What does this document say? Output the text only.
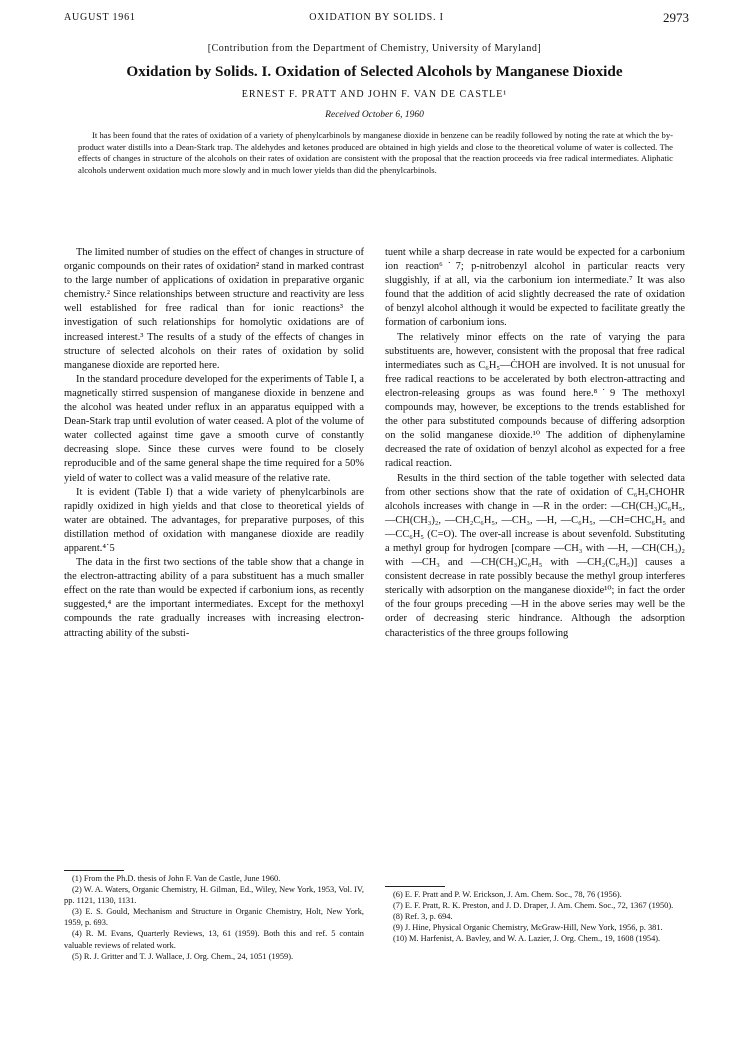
AUGUST 1961	OXIDATION BY SOLIDS. I	2973
[Contribution from the Department of Chemistry, University of Maryland]
Oxidation by Solids. I. Oxidation of Selected Alcohols by Manganese Dioxide
ERNEST F. PRATT AND JOHN F. VAN DE CASTLE¹
Received October 6, 1960

It has been found that the rates of oxidation of a variety of phenylcarbinols by manganese dioxide in benzene can be readily followed by noting the rate at which the by-product water distills into a Dean-Stark trap. The aldehydes and ketones produced are obtained in high yields and close to the theoretical volume of water is collected. The effects of changes in structure of the alcohols on their rates of oxidation are consistent with the proposal that the reaction proceeds via free radical intermediates. Aliphatic alcohols underwent oxidation much more slowly and in much lower yields than did the phenylcarbinols.

The limited number of studies on the effect of changes in structure of organic compounds on their rates of oxidation² stand in marked contrast to the large number of applications of oxidation in preparative organic chemistry.² Since relationships between structure and reactivity are less well established for free radical than for ionic reactions³ the investigation of such relationships for homolytic oxidations are of increased interest.³ The results of a study of the effects of changes in structure of selected alcohols on their rates of oxidation by solid manganese dioxide are reported here.

In the standard procedure developed for the experiments of Table I, a magnetically stirred suspension of manganese dioxide in benzene and the alcohol was heated under reflux in an apparatus equipped with a Dean-Stark trap until evolution of water ceased. A plot of the volume of water collected against time gave a smooth curve of constantly decreasing slope. Since these curves were found to be closely reproducible and of the same general shape the time required for a 50% yield of water to collect was a valid measure of the relative rate.

It is evident (Table I) that a wide variety of phenylcarbinols are rapidly oxidized in high yields and that close to theoretical yields of water are obtained. The advantages, for preparative purposes, of this distillation method of oxidation with manganese dioxide are readily apparent.⁴˙5

The data in the first two sections of the table show that a change in the electron-attracting ability of a para substituent has a much smaller effect on the rate than would be expected if carbonium ions, as recently suggested,⁴ are the important intermediates. Except for the methoxyl compounds the rate gradually increases with increasing electron-attracting ability of the substi-

(1) From the Ph.D. thesis of John F. Van de Castle, June 1960.
(2) W. A. Waters, Organic Chemistry, H. Gilman, Ed., Wiley, New York, 1953, Vol. IV, pp. 1121, 1130, 1131.
(3) E. S. Gould, Mechanism and Structure in Organic Chemistry, Holt, New York, 1959, p. 693.
(4) R. M. Evans, Quarterly Reviews, 13, 61 (1959). Both this and ref. 5 contain valuable reviews of related work.
(5) R. J. Gritter and T. J. Wallace, J. Org. Chem., 24, 1051 (1959).

tuent while a sharp decrease in rate would be expected for a carbonium ion reaction⁶˙7; p-nitrobenzyl alcohol in particular reacts very sluggishly, if at all, via the carbonium ion intermediate.⁷ It was also found that the addition of acid slightly decreased the rate of oxidation of benzyl alcohol although it would be expected to facilitate greatly the formation of carbonium ions.

The relatively minor effects on the rate of varying the para substituents are, however, consistent with the proposal that free radical intermediates such as C₆H₅—ĊHOH are involved. It is not unusual for free radical reactions to be accelerated by both electron-attracting and electron-releasing groups as was found here.⁸˙9 The methoxyl compounds may, however, be exceptions to the trends established for the other para substituted compounds because of differing adsorption on the solid manganese dioxide.¹⁰ The addition of diphenylamine decreased the rate of oxidation of benzyl alcohol as expected for a free radical reaction.

Results in the third section of the table together with selected data from other sections show that the rate of oxidation of C₆H₅CHOHR alcohols increases with change in —R in the order: —CH(CH₃)C₆H₅, —CH(CH₃)₂, —CH₂C₆H₅, —CH₃, —H, —C₆H₅, —CH=CHC₆H₅ and —CC₆H₅ (C=O). The over-all increase is about sevenfold. Substituting a methyl group for hydrogen [compare —CH₃ with —H, —CH(CH₃)₂ with —CH₃ and —CH(CH₃)C₆H₅ with —CH₂(C₆H₅)] causes a consistent decrease in rate possibly because the methyl group interferes sterically with adsorption on the manganese dioxide¹⁰; in fact the order of the four groups preceding —H in the above series may well be the order of decreasing steric hindrance. Although the adsorption characteristics of the three groups following

(6) E. F. Pratt and P. W. Erickson, J. Am. Chem. Soc., 78, 76 (1956).
(7) E. F. Pratt, R. K. Preston, and J. D. Draper, J. Am. Chem. Soc., 72, 1367 (1950).
(8) Ref. 3, p. 694.
(9) J. Hine, Physical Organic Chemistry, McGraw-Hill, New York, 1956, p. 381.
(10) M. Harfenist, A. Bavley, and W. A. Lazier, J. Org. Chem., 19, 1608 (1954).
